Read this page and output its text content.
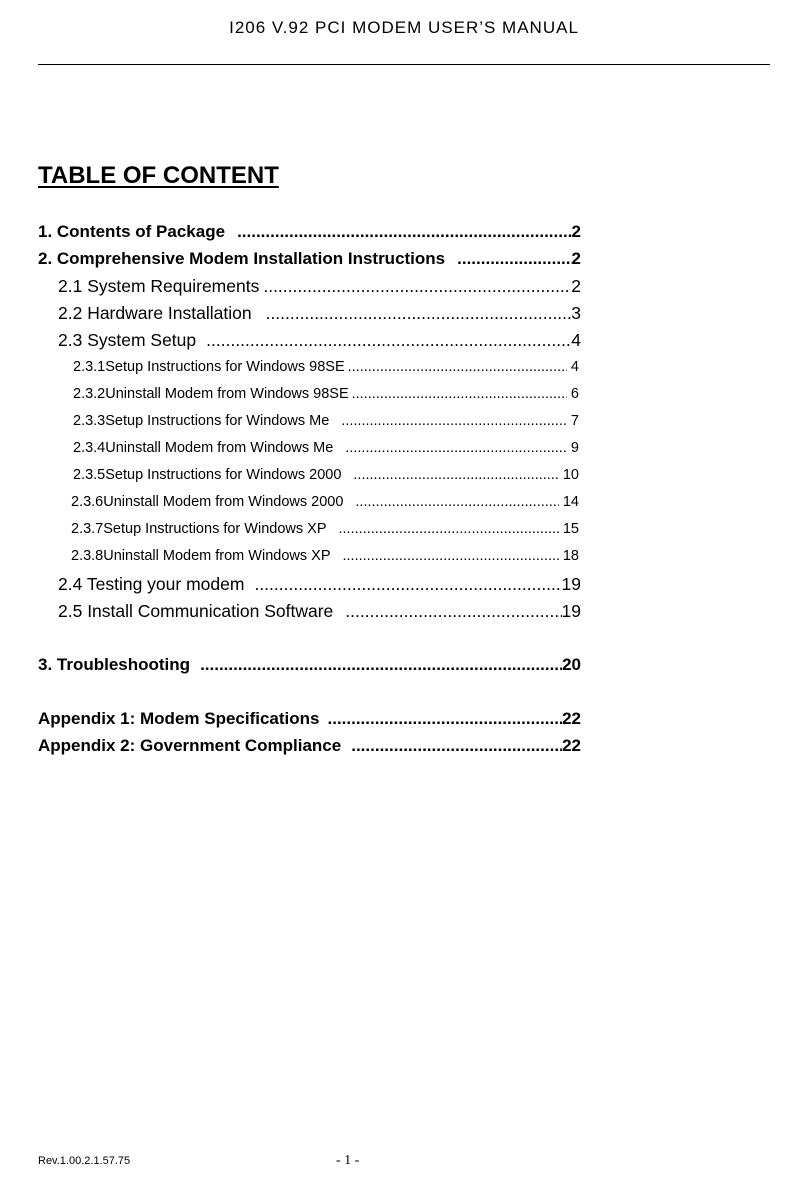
I206 V.92 PCI MODEM USER’S MANUAL
TABLE OF CONTENT
1. Contents of Package .....	2
2. Comprehensive Modem Installation Instructions .....	2
2.1 System Requirements .....	2
2.2 Hardware Installation .....	3
2.3 System Setup .....	4
2.3.1 Setup Instructions for Windows 98SE .....	4
2.3.2 Uninstall Modem from Windows 98SE .....	6
2.3.3 Setup Instructions for Windows Me .....	7
2.3.4 Uninstall Modem from Windows Me .....	9
2.3.5 Setup Instructions for Windows 2000 .....	10
2.3.6 Uninstall Modem from Windows 2000 .....	14
2.3.7 Setup Instructions for Windows XP .....	15
2.3.8 Uninstall Modem from Windows XP .....	18
2.4 Testing your modem .....	19
2.5 Install Communication Software .....	19
3. Troubleshooting .....	20
Appendix 1: Modem Specifications .....	22
Appendix 2: Government Compliance .....	22
Rev.1.00.2.1.57.75	- 1 -
